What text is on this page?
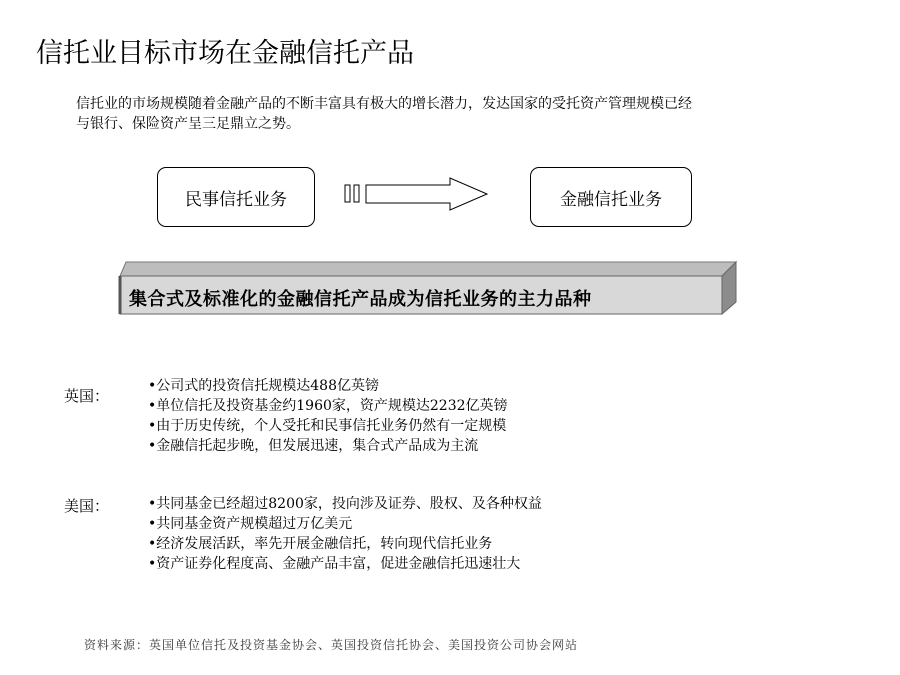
信托业目标市场在金融信托产品
信托业的市场规模随着金融产品的不断丰富具有极大的增长潜力，发达国家的受托资产管理规模已经
与银行、保险资产呈三足鼎立之势。
民事信托业务	金融信托业务
集合式及标准化的金融信托产品成为信托业务的主力品种
英国：
•公司式的投资信托规模达488亿英镑
•单位信托及投资基金约1960家，资产规模达2232亿英镑
•由于历史传统，个人受托和民事信托业务仍然有一定规模
•金融信托起步晚，但发展迅速，集合式产品成为主流
美国：	•共同基金已经超过8200家，投向涉及证券、股权、及各种权益
•共同基金资产规模超过万亿美元
•经济发展活跃，率先开展金融信托，转向现代信托业务
•资产证券化程度高、金融产品丰富，促进金融信托迅速壮大
资料来源：英国单位信托及投资基金协会、英国投资信托协会、美国投资公司协会网站
